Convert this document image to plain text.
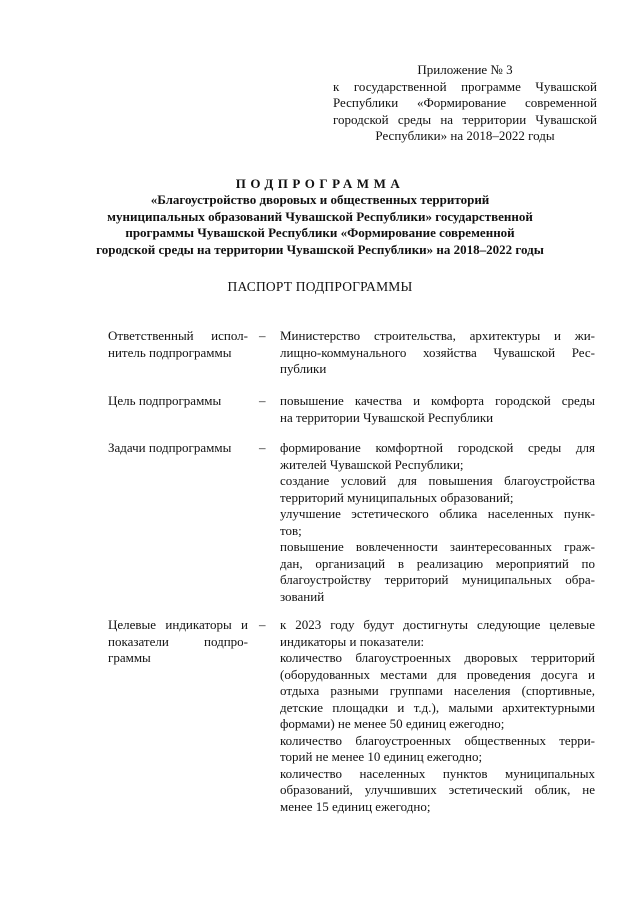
Приложение № 3
к государственной программе Чувашской
Республики «Формирование современной
городской среды на территории Чувашской
Республики» на 2018–2022 годы
ПОДПРОГРАММА
«Благоустройство дворовых и общественных территорий
муниципальных образований Чувашской Республики» государственной
программы Чувашской Республики «Формирование современной
городской среды на территории Чувашской Республики» на 2018–2022 годы
ПАСПОРТ ПОДПРОГРАММЫ
Ответственный испол-
нитель подпрограммы
– Министерство строительства, архитектуры и жи-
лищно-коммунального хозяйства Чувашской Рес-
публики
Цель подпрограммы	– повышение качества и комфорта городской среды
на территории Чувашской Республики
Задачи подпрограммы	– формирование комфортной городской среды для
жителей Чувашской Республики;
создание условий для повышения благоустройства
территорий муниципальных образований;
улучшение эстетического облика населенных пунк-
тов;
повышение вовлеченности заинтересованных граж-
дан, организаций в реализацию мероприятий по
благоустройству территорий муниципальных обра-
зований
Целевые индикаторы и
показатели подпро-
граммы
– к 2023 году будут достигнуты следующие целевые
индикаторы и показатели:
количество благоустроенных дворовых территорий
(оборудованных местами для проведения досуга и
отдыха разными группами населения (спортивные,
детские площадки и т.д.), малыми архитектурными
формами) не менее 50 единиц ежегодно;
количество благоустроенных общественных терри-
торий не менее 10 единиц ежегодно;
количество населенных пунктов муниципальных
образований, улучшивших эстетический облик, не
менее 15 единиц ежегодно;
